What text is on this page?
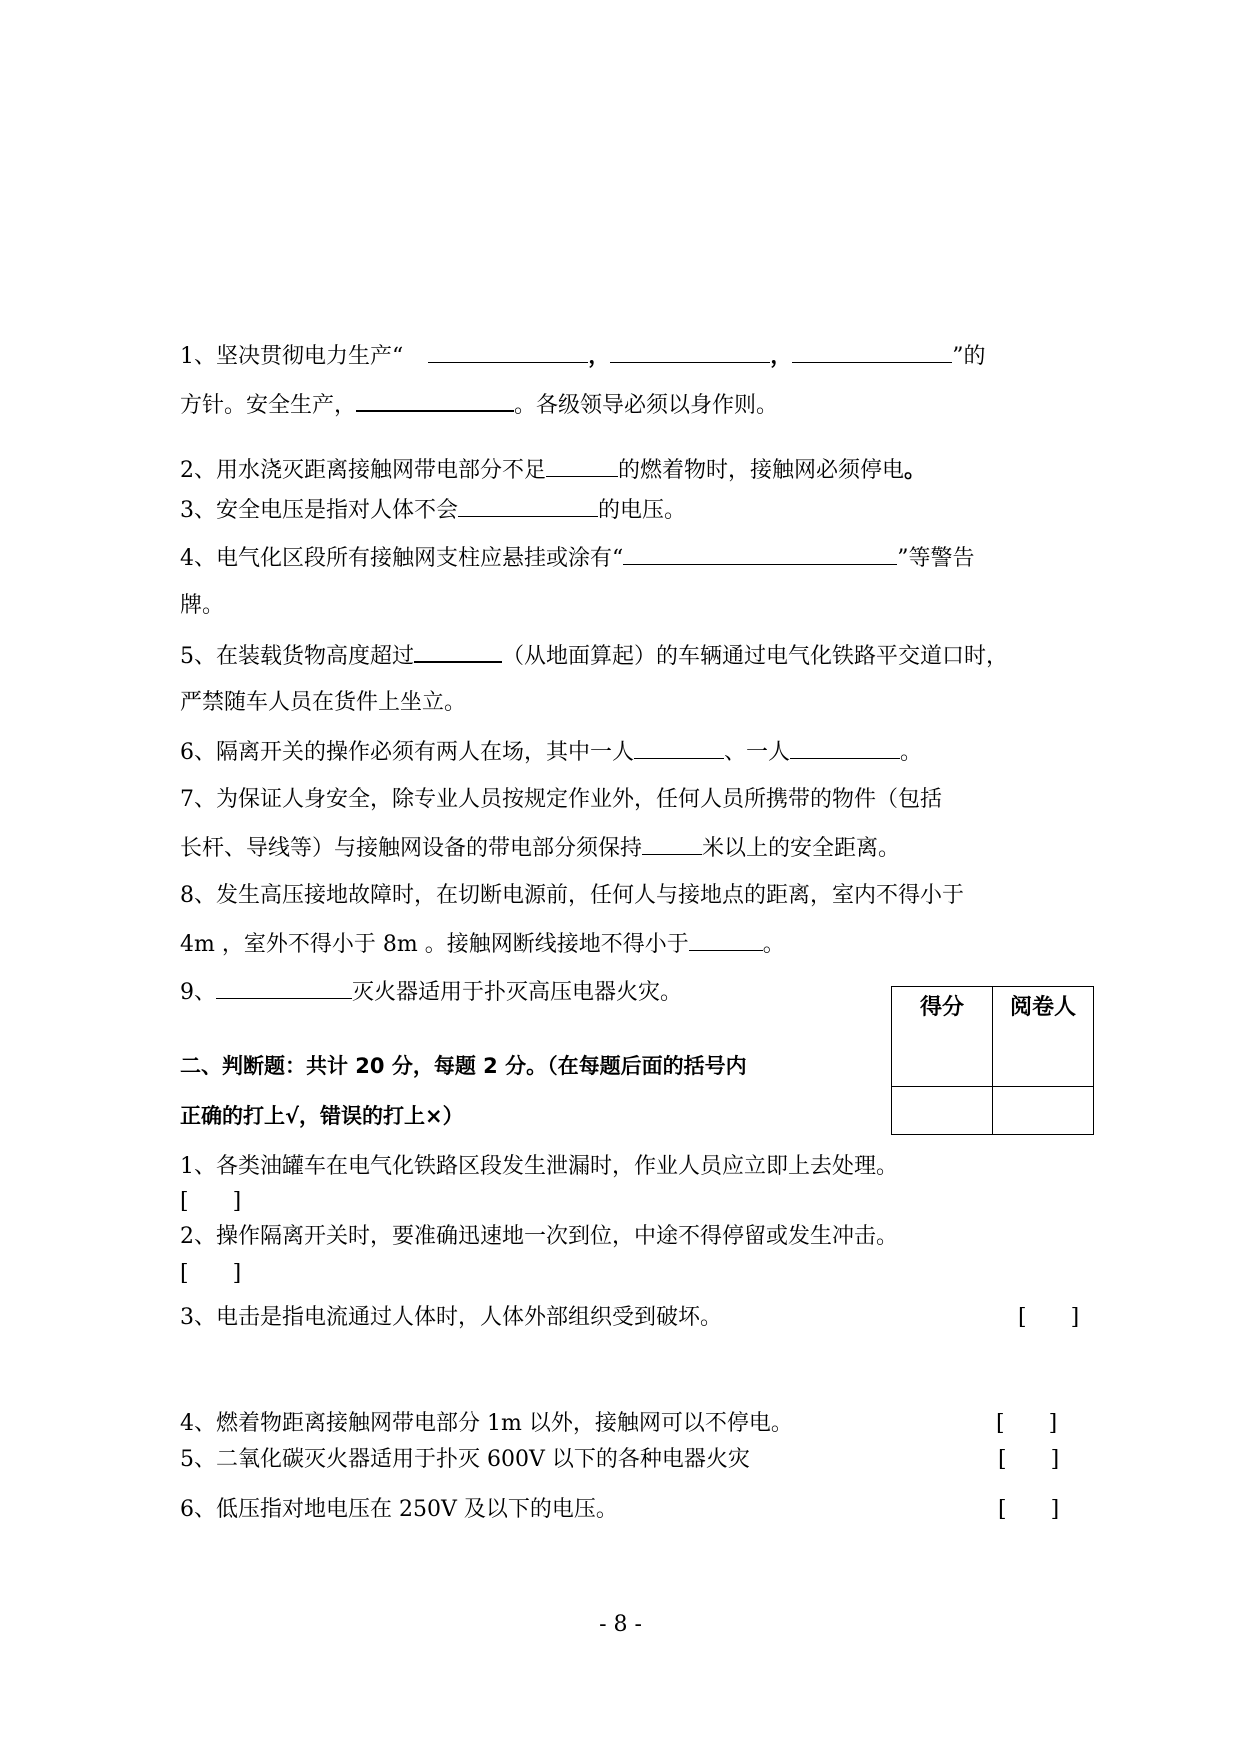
1、坚决贯彻电力生产“	，	，	”的
方针。安全生产，	。各级领导必须以身作则。
2、用水浇灭距离接触网带电部分不足	的燃着物时，接触网必须停电。
3、安全电压是指对人体不会	的电压。
4、电气化区段所有接触网支柱应悬挂或涂有“	”等警告
牌。
5、在装载货物高度超过	（从地面算起）的车辆通过电气化铁路平交道口时，
严禁随车人员在货件上坐立。
6、隔离开关的操作必须有两人在场，其中一人	、一人	。
7、为保证人身安全，除专业人员按规定作业外，任何人员所携带的物件（包括
长杆、导线等）与接触网设备的带电部分须保持	米以上的安全距离。
8、发生高压接地故障时，在切断电源前，任何人与接地点的距离，室内不得小于
4m ，室外不得小于 8m 。接触网断线接地不得小于	。
9、	灭火器适用于扑灭高压电器火灾。
得分	阅卷人

二、判断题：共计 20 分，每题 2 分。（在每题后面的括号内
正确的打上√，错误的打上×）
1、各类油罐车在电气化铁路区段发生泄漏时，作业人员应立即上去处理。
[　　]
2、操作隔离开关时，要准确迅速地一次到位，中途不得停留或发生冲击。
[　　]
3、电击是指电流通过人体时，人体外部组织受到破坏。	[　　]
4、燃着物距离接触网带电部分 1m 以外，接触网可以不停电。	[　　]
5、二氧化碳灭火器适用于扑灭 600V 以下的各种电器火灾	[　　]
6、低压指对地电压在 250V 及以下的电压。	[　　]
- 8 -
